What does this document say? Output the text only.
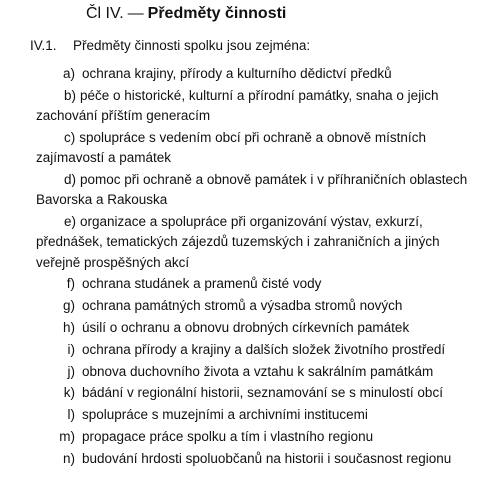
Čl IV. — Předměty činnosti
IV.1. Předměty činnosti spolku jsou zejména:
a) ochrana krajiny, přírody a kulturního dědictví předků
b) péče o historické, kulturní a přírodní památky, snaha o jejich zachování příštím generacím
c) spolupráce s vedením obcí při ochraně a obnově místních zajímavostí a památek
d) pomoc při ochraně a obnově památek i v příhraničních oblastech Bavorska a Rakouska
e) organizace a spolupráce při organizování výstav, exkurzí, přednášek, tematických zájezdů tuzemských i zahraničních a jiných veřejně prospěšných akcí
f) ochrana studánek a pramenů čisté vody
g) ochrana památných stromů a výsadba stromů nových
h) úsilí o ochranu a obnovu drobných církevních památek
i) ochrana přírody a krajiny a dalších složek životního prostředí
j) obnova duchovního života a vztahu k sakrálním památkám
k) bádání v regionální historii, seznamování se s minulostí obcí
l) spolupráce s muzejními a archivními institucemi
m) propagace práce spolku a tím i vlastního regionu
n) budování hrdosti spoluobčanů na historii i současnost regionu
